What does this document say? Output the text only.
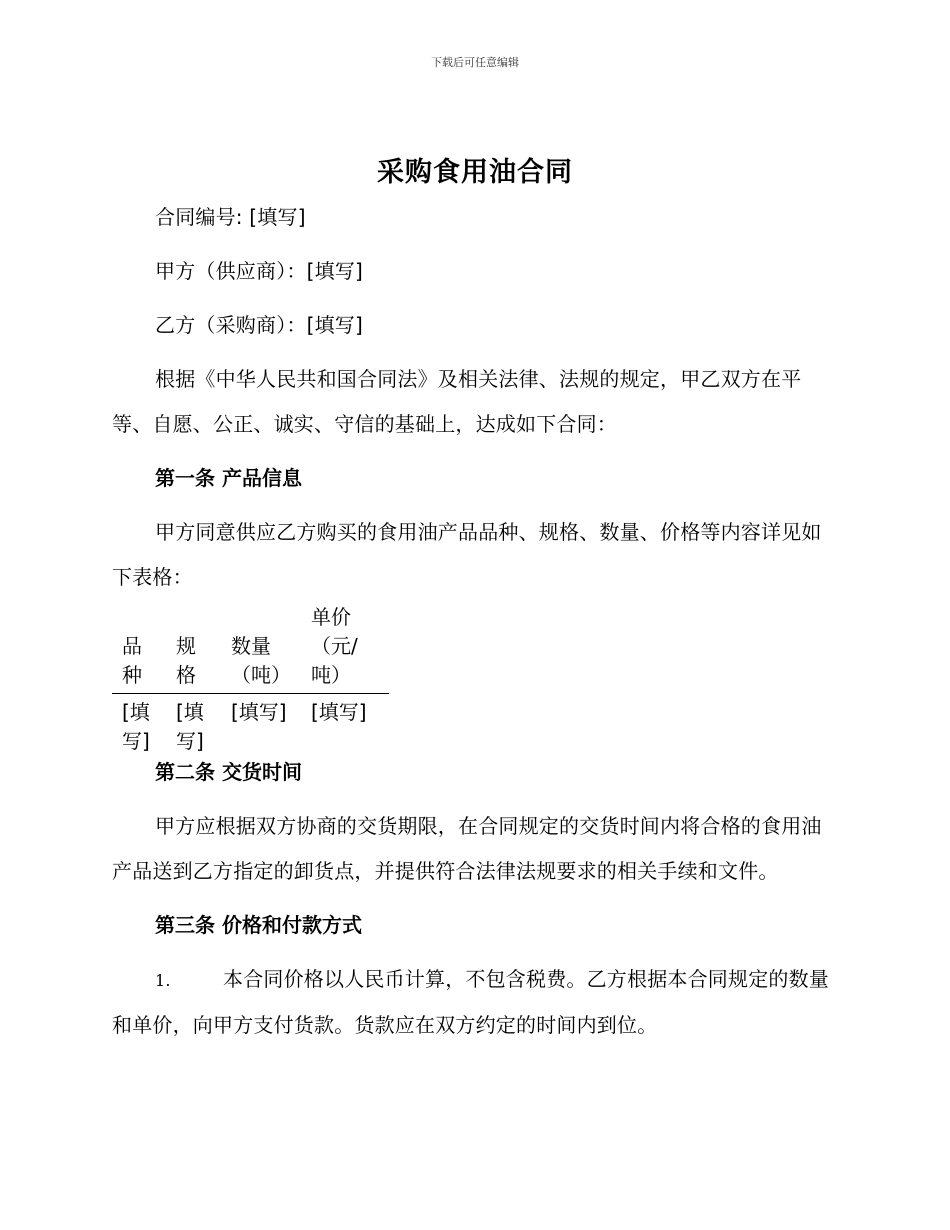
下载后可任意编辑
采购食用油合同

合同编号: [填写]

甲方（供应商）：[填写]

乙方（采购商）：[填写]

根据《中华人民共和国合同法》及相关法律、法规的规定，甲乙双方在平等、自愿、公正、诚实、守信的基础上，达成如下合同：

第一条 产品信息

甲方同意供应乙方购买的食用油产品品种、规格、数量、价格等内容详见如下表格：

品种	规格	数量（吨）	单价（元/吨）
[填写]	[填写]	[填写]	[填写]

第二条 交货时间

甲方应根据双方协商的交货期限，在合同规定的交货时间内将合格的食用油产品送到乙方指定的卸货点，并提供符合法律法规要求的相关手续和文件。

第三条 价格和付款方式

1.	本合同价格以人民币计算，不包含税费。乙方根据本合同规定的数量和单价，向甲方支付货款。货款应在双方约定的时间内到位。
